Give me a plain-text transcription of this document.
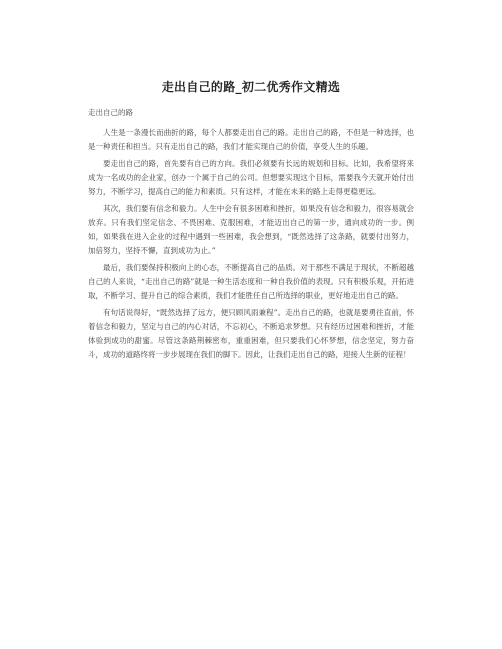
走出自己的路_初二优秀作文精选

走出自己的路

人生是一条漫长而曲折的路，每个人都要走出自己的路。走出自己的路，不但是一种选择，也是一种责任和担当。只有走出自己的路，我们才能实现自己的价值，享受人生的乐趣。

要走出自己的路，首先要有自己的方向。我们必须要有长远的规划和目标。比如，我希望将来成为一名成功的企业家，创办一个属于自己的公司。但想要实现这个目标，需要我今天就开始付出努力，不断学习，提高自己的能力和素质。只有这样，才能在未来的路上走得更稳更远。

其次，我们要有信念和毅力。人生中会有很多困难和挫折，如果没有信念和毅力，很容易就会放弃。只有我们坚定信念、不畏困难、克服困难，才能迈出自己的第一步，通向成功的一步。例如，如果我在进入企业的过程中遇到一些困难，我会想到，“既然选择了这条路，就要付出努力，加倍努力，坚持不懈，直到成功为止。”

最后，我们要保持积极向上的心态，不断提高自己的品质。对于那些不满足于现状，不断超越自己的人来说，“走出自己的路”就是一种生活态度和一种自我价值的表现。只有积极乐观，开拓进取，不断学习、提升自己的综合素质，我们才能胜任自己所选择的职业，更好地走出自己的路。

有句话说得好，“既然选择了远方，便只顾风雨兼程”。走出自己的路，也就是要勇往直前，怀着信念和毅力，坚定与自己的内心对话，不忘初心，不断追求梦想。只有经历过困难和挫折，才能体验到成功的甜蜜。尽管这条路荆棘密布，重重困难，但只要我们心怀梦想，信念坚定，努力奋斗，成功的道路终将一步步展现在我们的脚下。因此，让我们走出自己的路，迎接人生新的征程！
